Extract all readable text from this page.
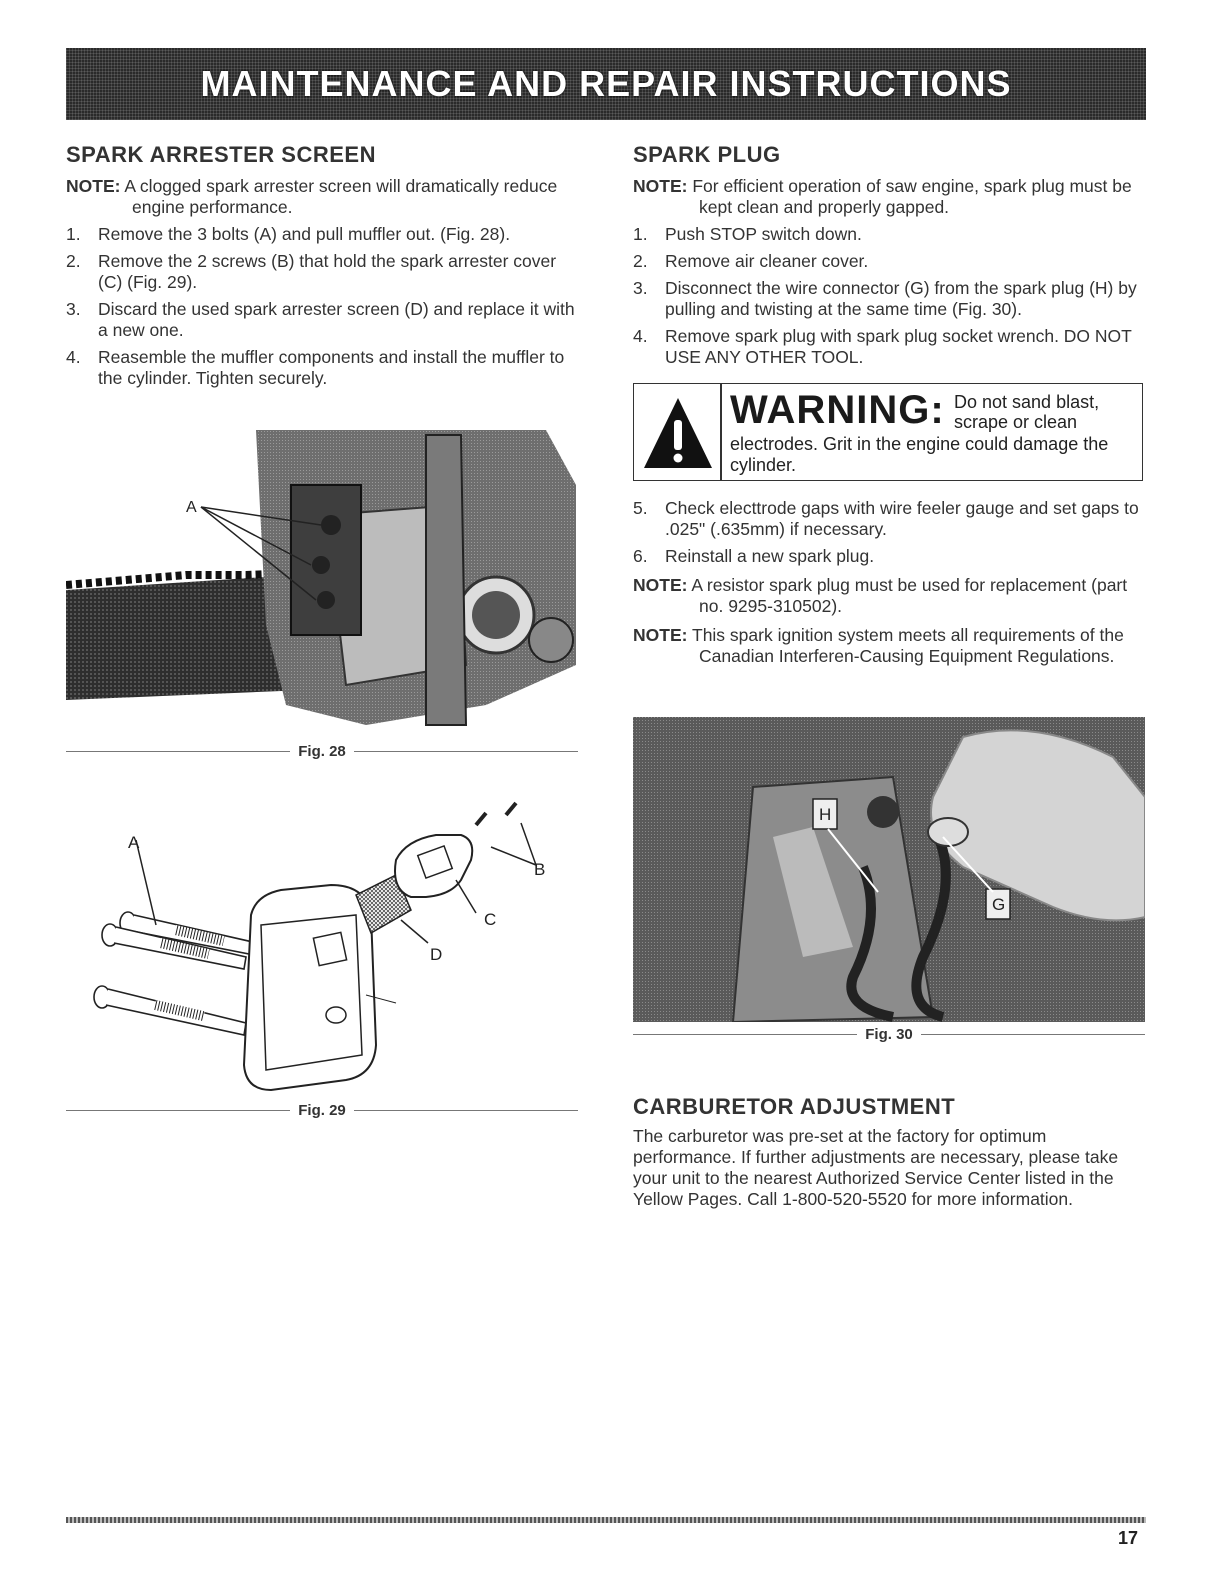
MAINTENANCE AND REPAIR INSTRUCTIONS
SPARK ARRESTER SCREEN

NOTE: A clogged spark arrester screen will dramatically reduce engine performance.

1. Remove the 3 bolts (A) and pull muffler out. (Fig. 28).
2. Remove the 2 screws (B) that hold the spark arrester cover (C) (Fig. 29).
3. Discard the used spark arrester screen (D) and replace it with a new one.
4. Reasemble the muffler components and install the muffler to the cylinder. Tighten securely.
A
Fig. 28
A
B
C
D
Fig. 29
SPARK PLUG

NOTE: For efficient operation of saw engine, spark plug must be kept clean and properly gapped.

1. Push STOP switch down.
2. Remove air cleaner cover.
3. Disconnect the wire connector (G) from the spark plug (H) by pulling and twisting at the same time (Fig. 30).
4. Remove spark plug with spark plug socket wrench. DO NOT USE ANY OTHER TOOL.
WARNING: Do not sand blast, scrape or clean
electrodes. Grit in the engine could damage the cylinder.
5. Check electtrode gaps with wire feeler gauge and set gaps to .025" (.635mm) if necessary.
6. Reinstall a new spark plug.

NOTE: A resistor spark plug must be used for replacement (part no. 9295-310502).

NOTE: This spark ignition system meets all requirements of the Canadian Interferen-Causing Equipment Regulations.

H
G
Fig. 30
CARBURETOR ADJUSTMENT

The carburetor was pre-set at the factory for optimum performance. If further adjustments are necessary, please take your unit to the nearest Authorized Service Center listed in the Yellow Pages. Call 1-800-520-5520 for more information.

17
